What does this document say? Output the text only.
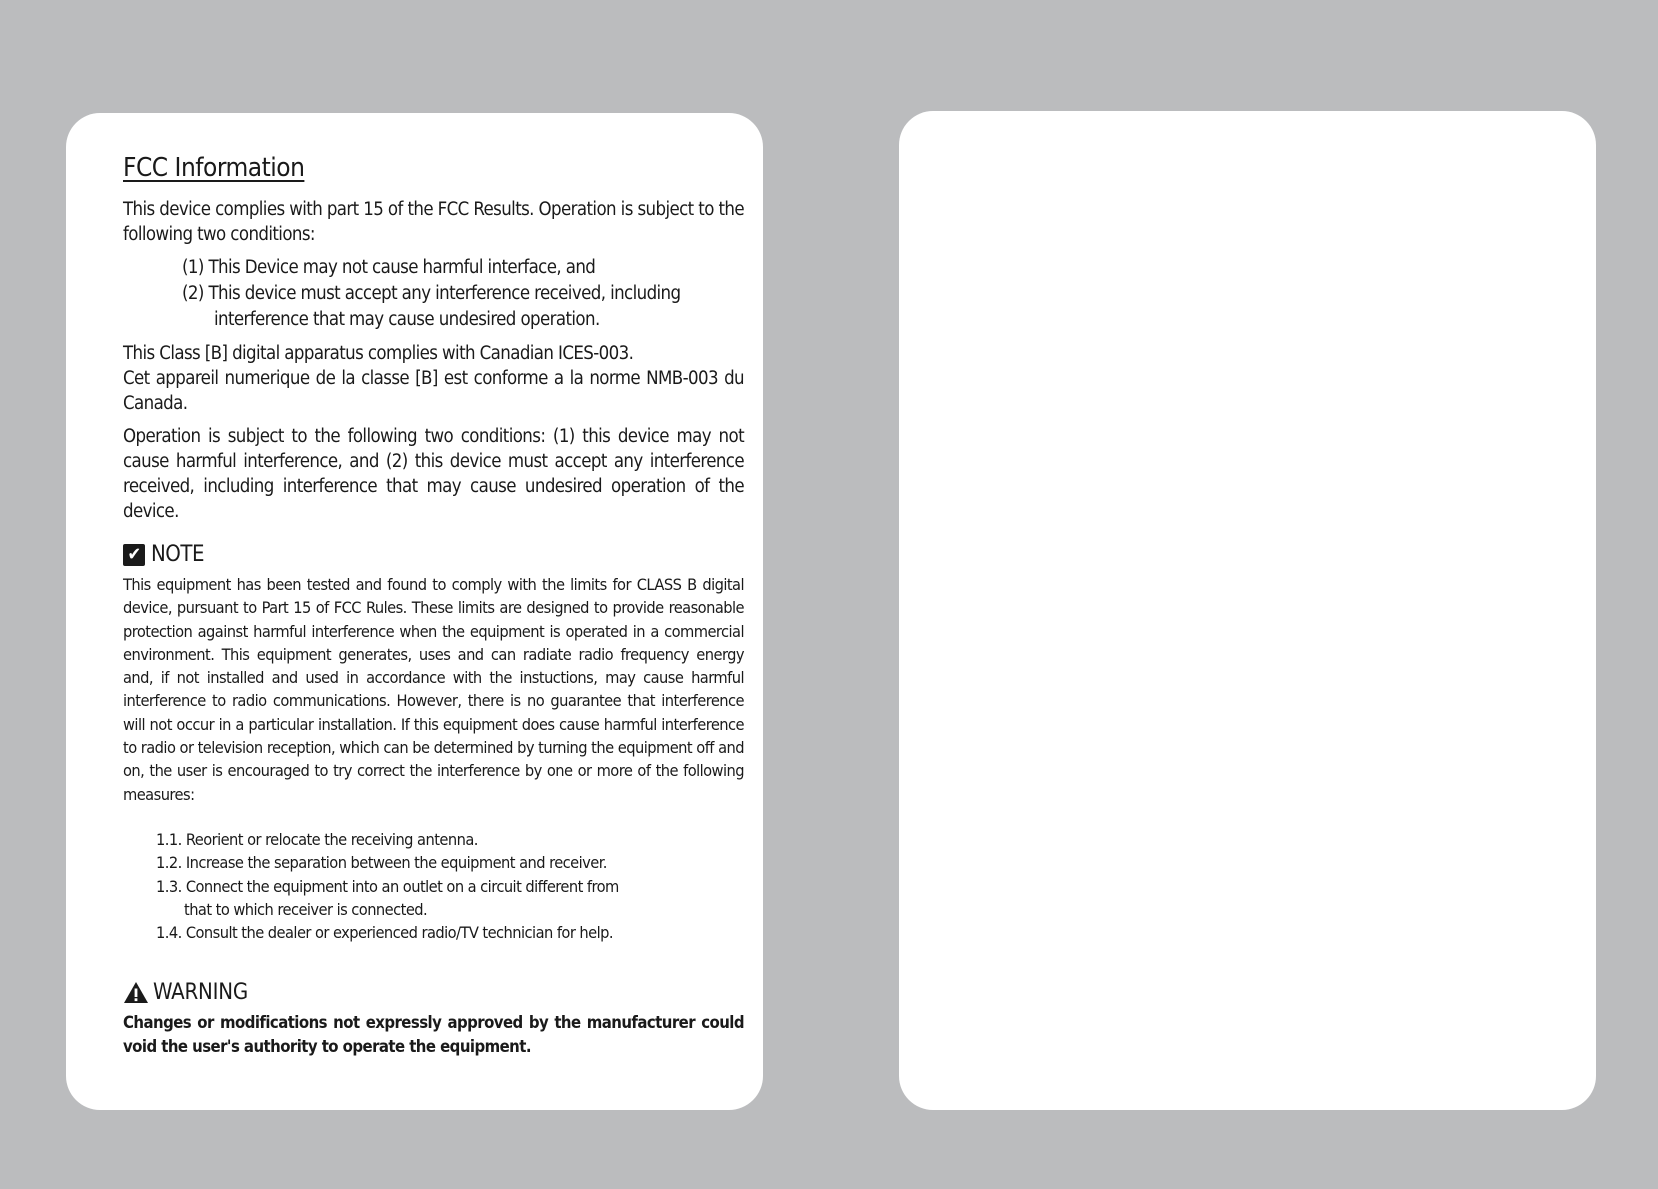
FCC Information

This device complies with part 15 of the FCC Results. Operation is subject to the following two conditions:

(1) This Device may not cause harmful interface, and
(2) This device must accept any interference received, including
interference that may cause undesired operation.

This Class [B] digital apparatus complies with Canadian ICES-003.

Cet appareil numerique de la classe [B] est conforme a la norme NMB-003 du Canada.

Operation is subject to the following two conditions: (1) this device may not cause harmful interference, and (2) this device must accept any interference received, including interference that may cause undesired operation of the device.

✔ NOTE

This equipment has been tested and found to comply with the limits for CLASS B digital device, pursuant to Part 15 of FCC Rules. These limits are designed to provide reasonable protection against harmful interference when the equipment is operated in a commercial environment. This equipment generates, uses and can radiate radio frequency energy and, if not installed and used in accordance with the instuctions, may cause harmful interference to radio communications. However, there is no guarantee that interference will not occur in a particular installation. If this equipment does cause harmful interference to radio or television reception, which can be determined by turning the equipment off and on, the user is encouraged to try correct the interference by one or more of the following measures:

1.1. Reorient or relocate the receiving antenna.
1.2. Increase the separation between the equipment and receiver.
1.3. Connect the equipment into an outlet on a circuit different from
that to which receiver is connected.
1.4. Consult the dealer or experienced radio/TV technician for help.
WARNING

Changes or modifications not expressly approved by the manufacturer could void the user's authority to operate the equipment.
